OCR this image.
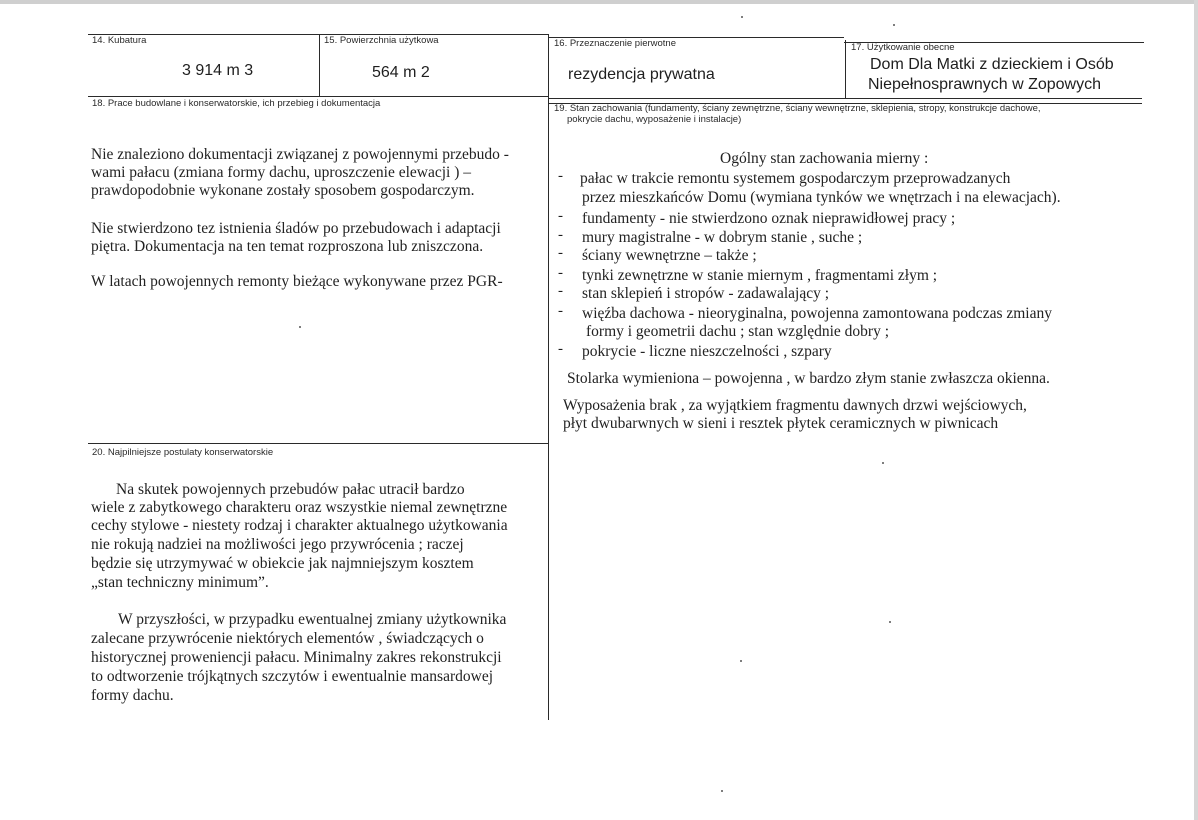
14. Kubatura
3 914 m 3
15. Powierzchnia użytkowa
564 m 2
16. Przeznaczenie pierwotne
rezydencja prywatna
17. Użytkowanie obecne
Dom Dla Matki z dzieckiem i Osób
Niepełnosprawnych w Zopowych
18. Prace budowlane i konserwatorskie, ich przebieg i dokumentacja
Nie znaleziono dokumentacji związanej z powojennymi przebudo -
wami pałacu (zmiana formy dachu, uproszczenie elewacji ) –
prawdopodobnie wykonane zostały sposobem gospodarczym.
Nie stwierdzono tez istnienia śladów po przebudowach i adaptacji
piętra. Dokumentacja na ten temat rozproszona lub zniszczona.
W latach powojennych remonty bieżące wykonywane przez PGR-
19. Stan zachowania (fundamenty, ściany zewnętrzne, ściany wewnętrzne, sklepienia, stropy, konstrukcje dachowe,
pokrycie dachu, wyposażenie i instalacje)
Ogólny stan zachowania mierny :
- pałac w trakcie remontu systemem gospodarczym przeprowadzanych
przez mieszkańców Domu (wymiana tynków we wnętrzach i na elewacjach).
- fundamenty - nie stwierdzono oznak nieprawidłowej pracy ;
- mury magistralne - w dobrym stanie , suche ;
- ściany wewnętrzne – także ;
- tynki zewnętrzne w stanie miernym , fragmentami złym ;
- stan sklepień i stropów - zadawalający ;
- więźba dachowa - nieoryginalna, powojenna zamontowana podczas zmiany
formy i geometrii dachu ; stan względnie dobry ;
- pokrycie - liczne nieszczelności , szpary
Stolarka wymieniona – powojenna , w bardzo złym stanie zwłaszcza okienna.
Wyposażenia brak , za wyjątkiem fragmentu dawnych drzwi wejściowych,
płyt dwubarwnych w sieni i resztek płytek ceramicznych w piwnicach
20. Najpilniejsze postulaty konserwatorskie
Na skutek powojennych przebudów pałac utracił bardzo
wiele z zabytkowego charakteru oraz wszystkie niemal zewnętrzne
cechy stylowe - niestety rodzaj i charakter aktualnego użytkowania
nie rokują nadziei na możliwości jego przywrócenia ; raczej
będzie się utrzymywać w obiekcie jak najmniejszym kosztem
„stan techniczny minimum”.
W przyszłości, w przypadku ewentualnej zmiany użytkownika
zalecane przywrócenie niektórych elementów , świadczących o
historycznej proweniencji pałacu. Minimalny zakres rekonstrukcji
to odtworzenie trójkątnych szczytów i ewentualnie mansardowej
formy dachu.
